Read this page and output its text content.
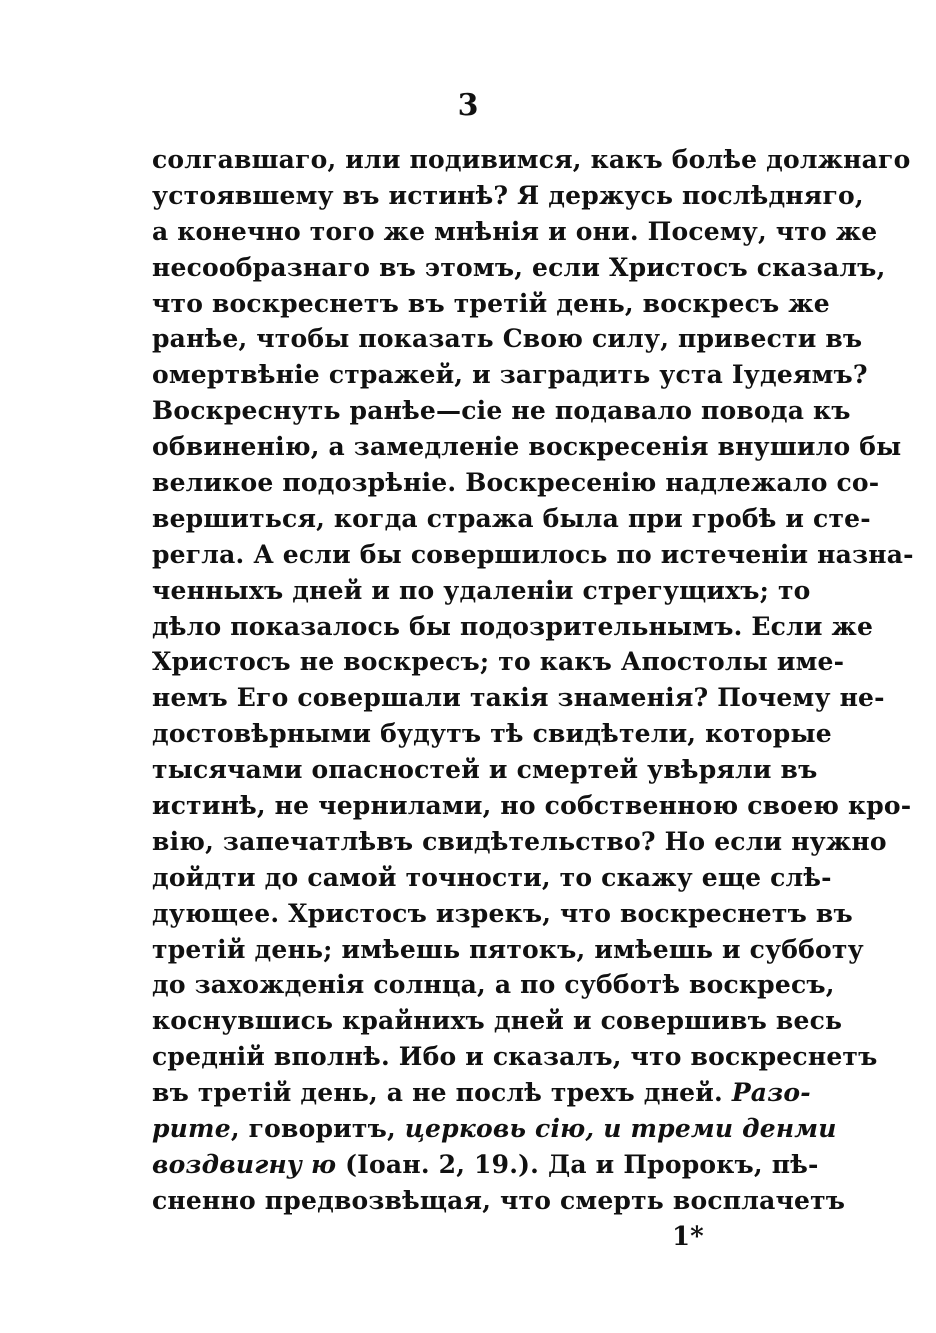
3
солгавшаго, или подивимся, какъ болѣе должнаго
устоявшему въ истинѣ? Я держусь послѣдняго,
а конечно того же мнѣнія и они. Посему, что же
несообразнаго въ этомъ, если Христосъ сказалъ,
что воскреснетъ въ третій день, воскресъ же
ранѣе, чтобы показать Свою силу, привести въ
омертвѣніе стражей, и заградить уста Іудеямъ?
Воскреснуть ранѣе—сіе не подавало повода къ
обвиненію, а замедленіе воскресенія внушило бы
великое подозрѣніе. Воскресенію надлежало со-
вершиться, когда стража была при гробѣ и сте-
регла. А если бы совершилось по истеченіи назна-
ченныхъ дней и по удаленіи стрегущихъ; то
дѣло показалось бы подозрительнымъ. Если же
Христосъ не воскресъ; то какъ Апостолы име-
немъ Его совершали такія знаменія? Почему не-
достовѣрными будутъ тѣ свидѣтели, которые
тысячами опасностей и смертей увѣряли въ
истинѣ, не чернилами, но собственною своею кро-
вію, запечатлѣвъ свидѣтельство? Но если нужно
дойдти до самой точности, то скажу еще слѣ-
дующее. Христосъ изрекъ, что воскреснетъ въ
третій день; имѣешь пятокъ, имѣешь и субботу
до захожденія солнца, а по субботѣ воскресъ,
коснувшись крайнихъ дней и совершивъ весь
средній вполнѣ. Ибо и сказалъ, что воскреснетъ
въ третій день, а не послѣ трехъ дней. Разо-
рите, говоритъ, церковь сію, и треми денми
воздвигну ю (Іоан. 2, 19.). Да и Пророкъ, пѣ-
сненно предвозвѣщая, что смерть восплачетъ
1*
